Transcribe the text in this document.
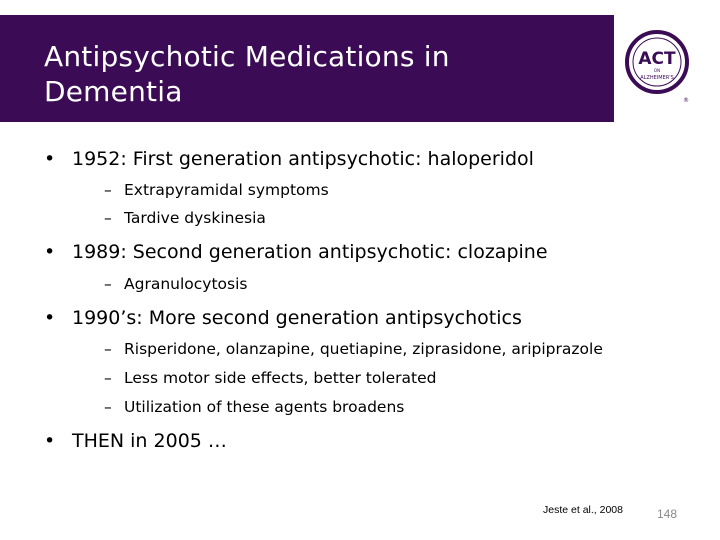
Antipsychotic Medications in
Dementia
ACT
ON
ALZHEIMER'S
®
• 1952: First generation antipsychotic: haloperidol
– Extrapyramidal symptoms
– Tardive dyskinesia
• 1989: Second generation antipsychotic: clozapine
– Agranulocytosis
• 1990’s: More second generation antipsychotics
– Risperidone, olanzapine, quetiapine, ziprasidone, aripiprazole
– Less motor side effects, better tolerated
– Utilization of these agents broadens
• THEN in 2005 …
Jeste et al., 2008	148
